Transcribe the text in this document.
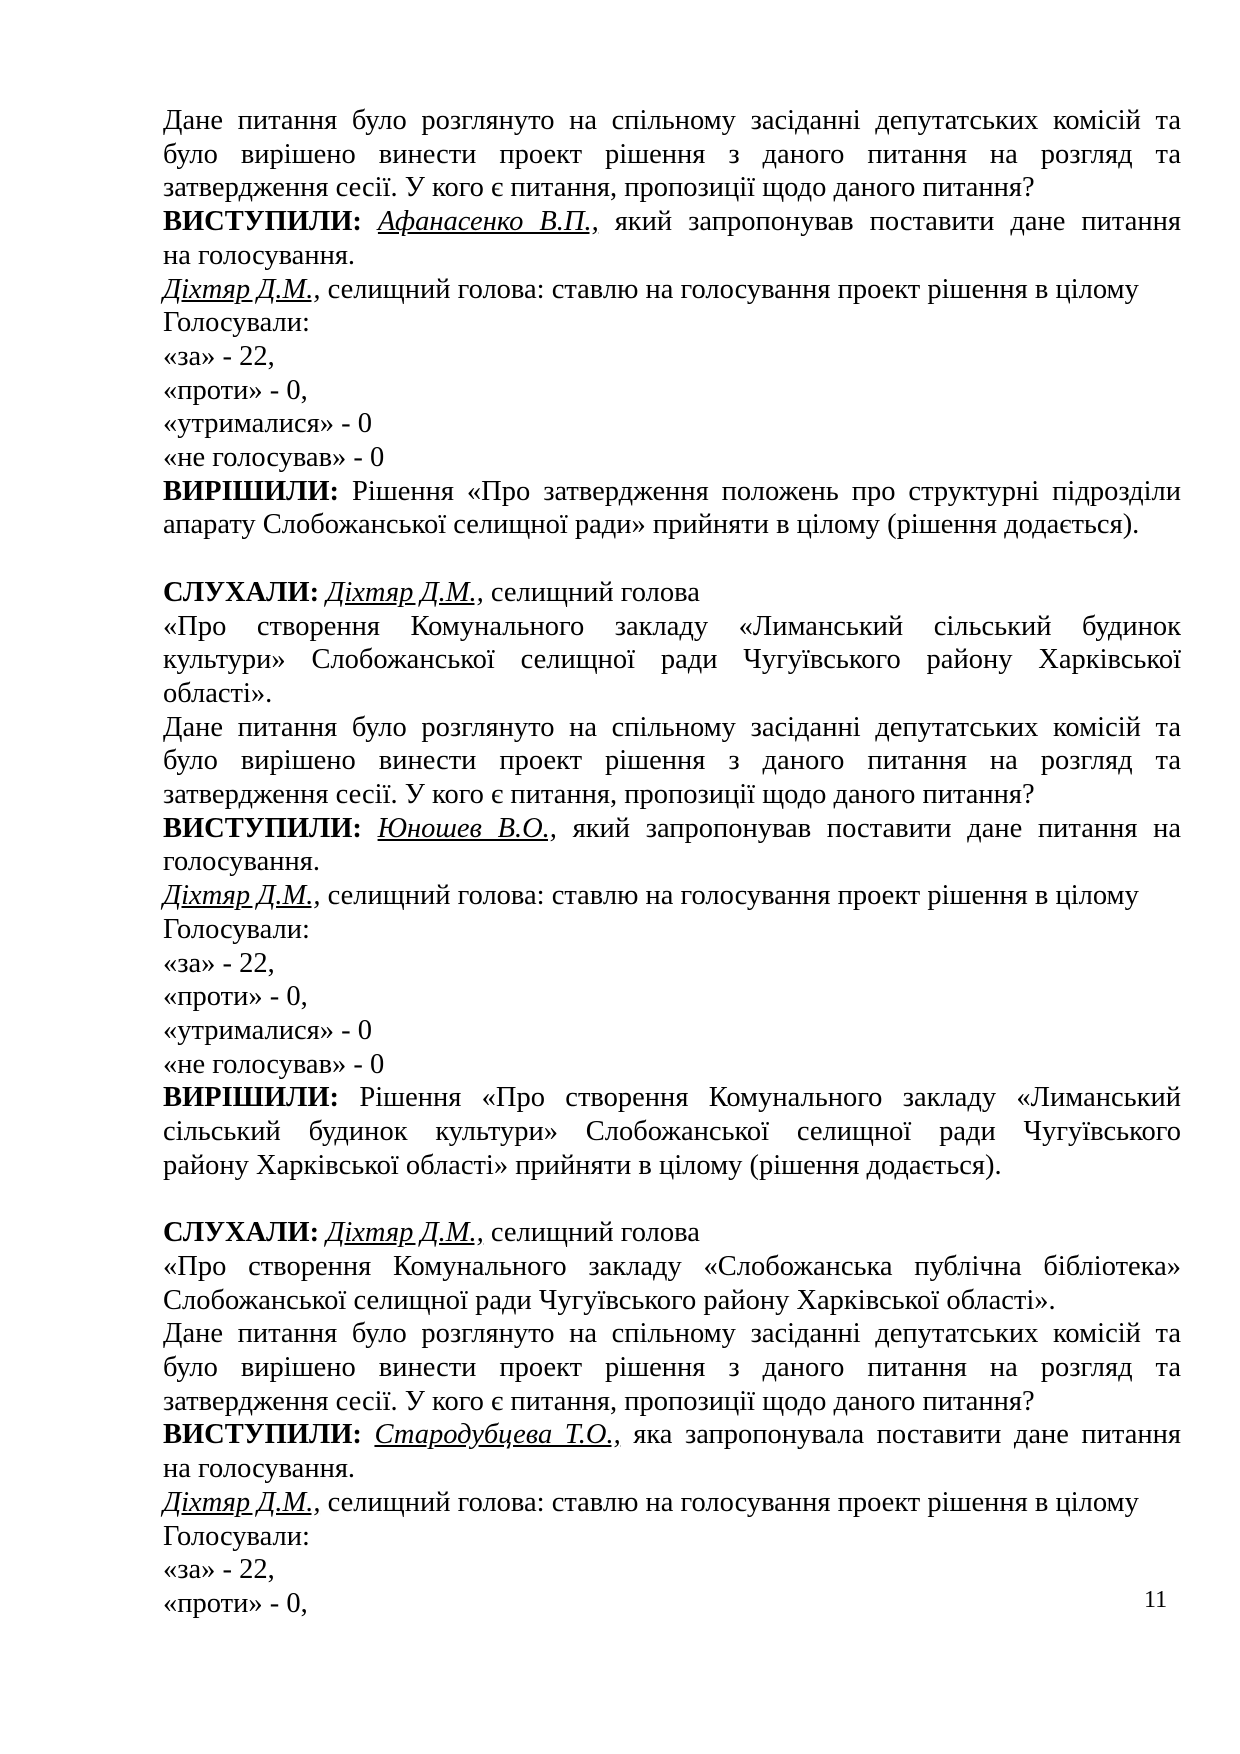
Дане питання було розглянуто на спільному засіданні депутатських комісій та

було вирішено винести проект рішення з даного питання на розгляд та

затвердження сесії. У кого є питання, пропозиції щодо даного питання?

ВИСТУПИЛИ: Афанасенко В.П., який запропонував поставити дане питання

на голосування.

Діхтяр Д.М., селищний голова: ставлю на голосування проект рішення в цілому

Голосували:

«за» - 22,

«проти» - 0,

«утрималися» - 0

«не голосував» - 0

ВИРІШИЛИ: Рішення «Про затвердження положень про структурні підрозділи

апарату Слобожанської селищної ради» прийняти в цілому (рішення додається).

СЛУХАЛИ: Діхтяр Д.М., селищний голова

«Про створення Комунального закладу «Лиманський сільський будинок

культури» Слобожанської селищної ради Чугуївського району Харківської

області».

Дане питання було розглянуто на спільному засіданні депутатських комісій та

було вирішено винести проект рішення з даного питання на розгляд та

затвердження сесії. У кого є питання, пропозиції щодо даного питання?

ВИСТУПИЛИ: Юношев В.О., який запропонував поставити дане питання на

голосування.

Діхтяр Д.М., селищний голова: ставлю на голосування проект рішення в цілому

Голосували:

«за» - 22,

«проти» - 0,

«утрималися» - 0

«не голосував» - 0

ВИРІШИЛИ: Рішення «Про створення Комунального закладу «Лиманський

сільський будинок культури» Слобожанської селищної ради Чугуївського

району Харківської області» прийняти в цілому (рішення додається).

СЛУХАЛИ: Діхтяр Д.М., селищний голова

«Про створення Комунального закладу «Слобожанська публічна бібліотека»

Слобожанської селищної ради Чугуївського району Харківської області».

Дане питання було розглянуто на спільному засіданні депутатських комісій та

було вирішено винести проект рішення з даного питання на розгляд та

затвердження сесії. У кого є питання, пропозиції щодо даного питання?

ВИСТУПИЛИ: Стародубцева Т.О., яка запропонувала поставити дане питання

на голосування.

Діхтяр Д.М., селищний голова: ставлю на голосування проект рішення в цілому

Голосували:

«за» - 22,

«проти» - 0,	11
